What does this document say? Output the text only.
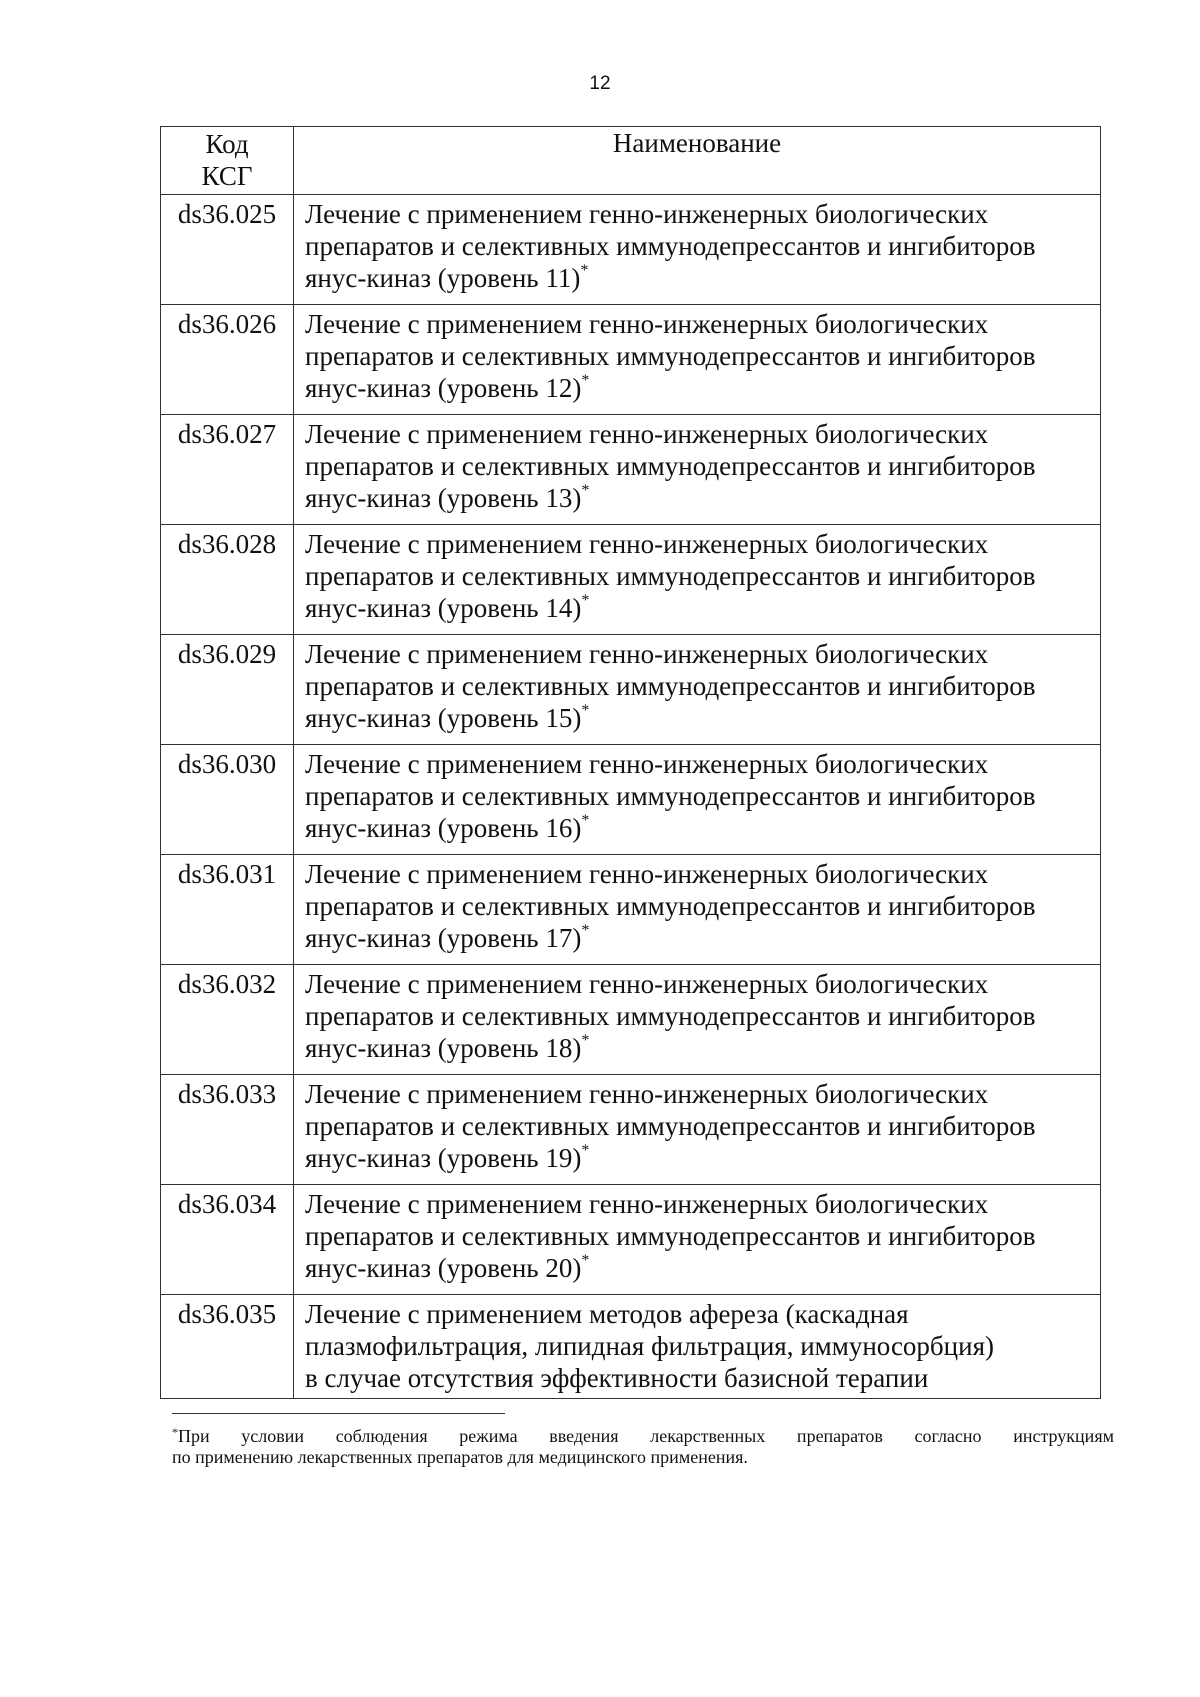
12
Код
КСГ	Наименование
ds36.025	Лечение с применением генно-инженерных биологических
препаратов и селективных иммунодепрессантов и ингибиторов
янус-киназ (уровень 11)*

ds36.026	Лечение с применением генно-инженерных биологических
препаратов и селективных иммунодепрессантов и ингибиторов
янус-киназ (уровень 12)*

ds36.027	Лечение с применением генно-инженерных биологических
препаратов и селективных иммунодепрессантов и ингибиторов
янус-киназ (уровень 13)*

ds36.028	Лечение с применением генно-инженерных биологических
препаратов и селективных иммунодепрессантов и ингибиторов
янус-киназ (уровень 14)*

ds36.029	Лечение с применением генно-инженерных биологических
препаратов и селективных иммунодепрессантов и ингибиторов
янус-киназ (уровень 15)*

ds36.030	Лечение с применением генно-инженерных биологических
препаратов и селективных иммунодепрессантов и ингибиторов
янус-киназ (уровень 16)*

ds36.031	Лечение с применением генно-инженерных биологических
препаратов и селективных иммунодепрессантов и ингибиторов
янус-киназ (уровень 17)*

ds36.032	Лечение с применением генно-инженерных биологических
препаратов и селективных иммунодепрессантов и ингибиторов
янус-киназ (уровень 18)*

ds36.033	Лечение с применением генно-инженерных биологических
препаратов и селективных иммунодепрессантов и ингибиторов
янус-киназ (уровень 19)*

ds36.034	Лечение с применением генно-инженерных биологических
препаратов и селективных иммунодепрессантов и ингибиторов
янус-киназ (уровень 20)*

ds36.035	Лечение с применением методов афереза (каскадная
плазмофильтрация, липидная фильтрация, иммуносорбция)
в случае отсутствия эффективности базисной терапии
*При условии соблюдения режима введения лекарственных препаратов согласно инструкциям
по применению лекарственных препаратов для медицинского применения.
